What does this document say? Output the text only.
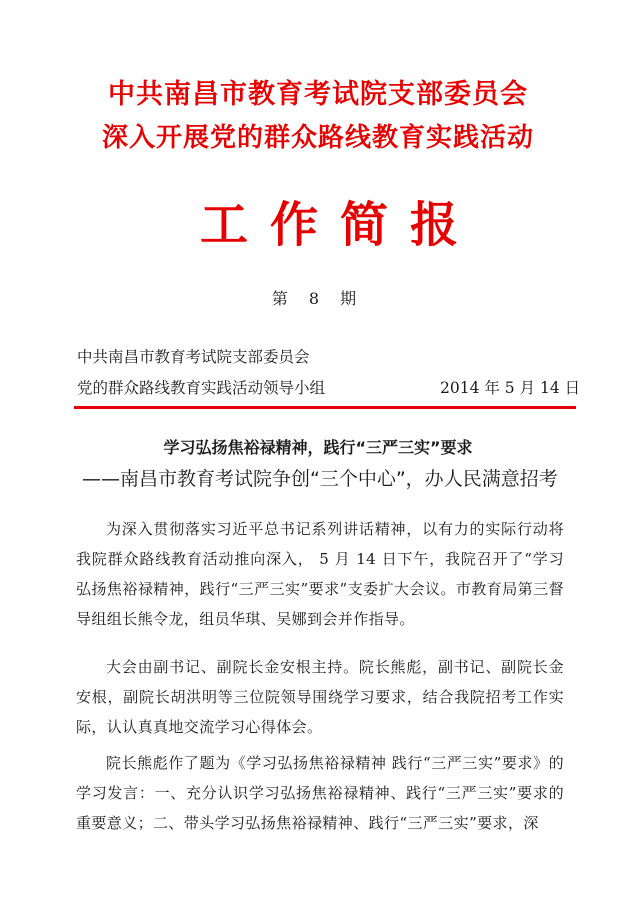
中共南昌市教育考试院支部委员会
深入开展党的群众路线教育实践活动
工作简报
第 8 期
中共南昌市教育考试院支部委员会
党的群众路线教育实践活动领导小组	2014 年 5 月 14 日
学习弘扬焦裕禄精神，践行“三严三实”要求
——南昌市教育考试院争创“三个中心”，办人民满意招考

为深入贯彻落实习近平总书记系列讲话精神，以有力的实际行动将我院群众路线教育活动推向深入， 5 月 14 日下午，我院召开了“学习弘扬焦裕禄精神，践行“三严三实”要求”支委扩大会议。市教育局第三督导组组长熊令龙，组员华琪、吴娜到会并作指导。

大会由副书记、副院长金安根主持。院长熊彪，副书记、副院长金安根，副院长胡洪明等三位院领导围绕学习要求，结合我院招考工作实际，认认真真地交流学习心得体会。

院长熊彪作了题为《学习弘扬焦裕禄精神 践行“三严三实”要求》的学习发言：一、充分认识学习弘扬焦裕禄精神、践行“三严三实”要求的重要意义；二、带头学习弘扬焦裕禄精神、践行“三严三实”要求，深
